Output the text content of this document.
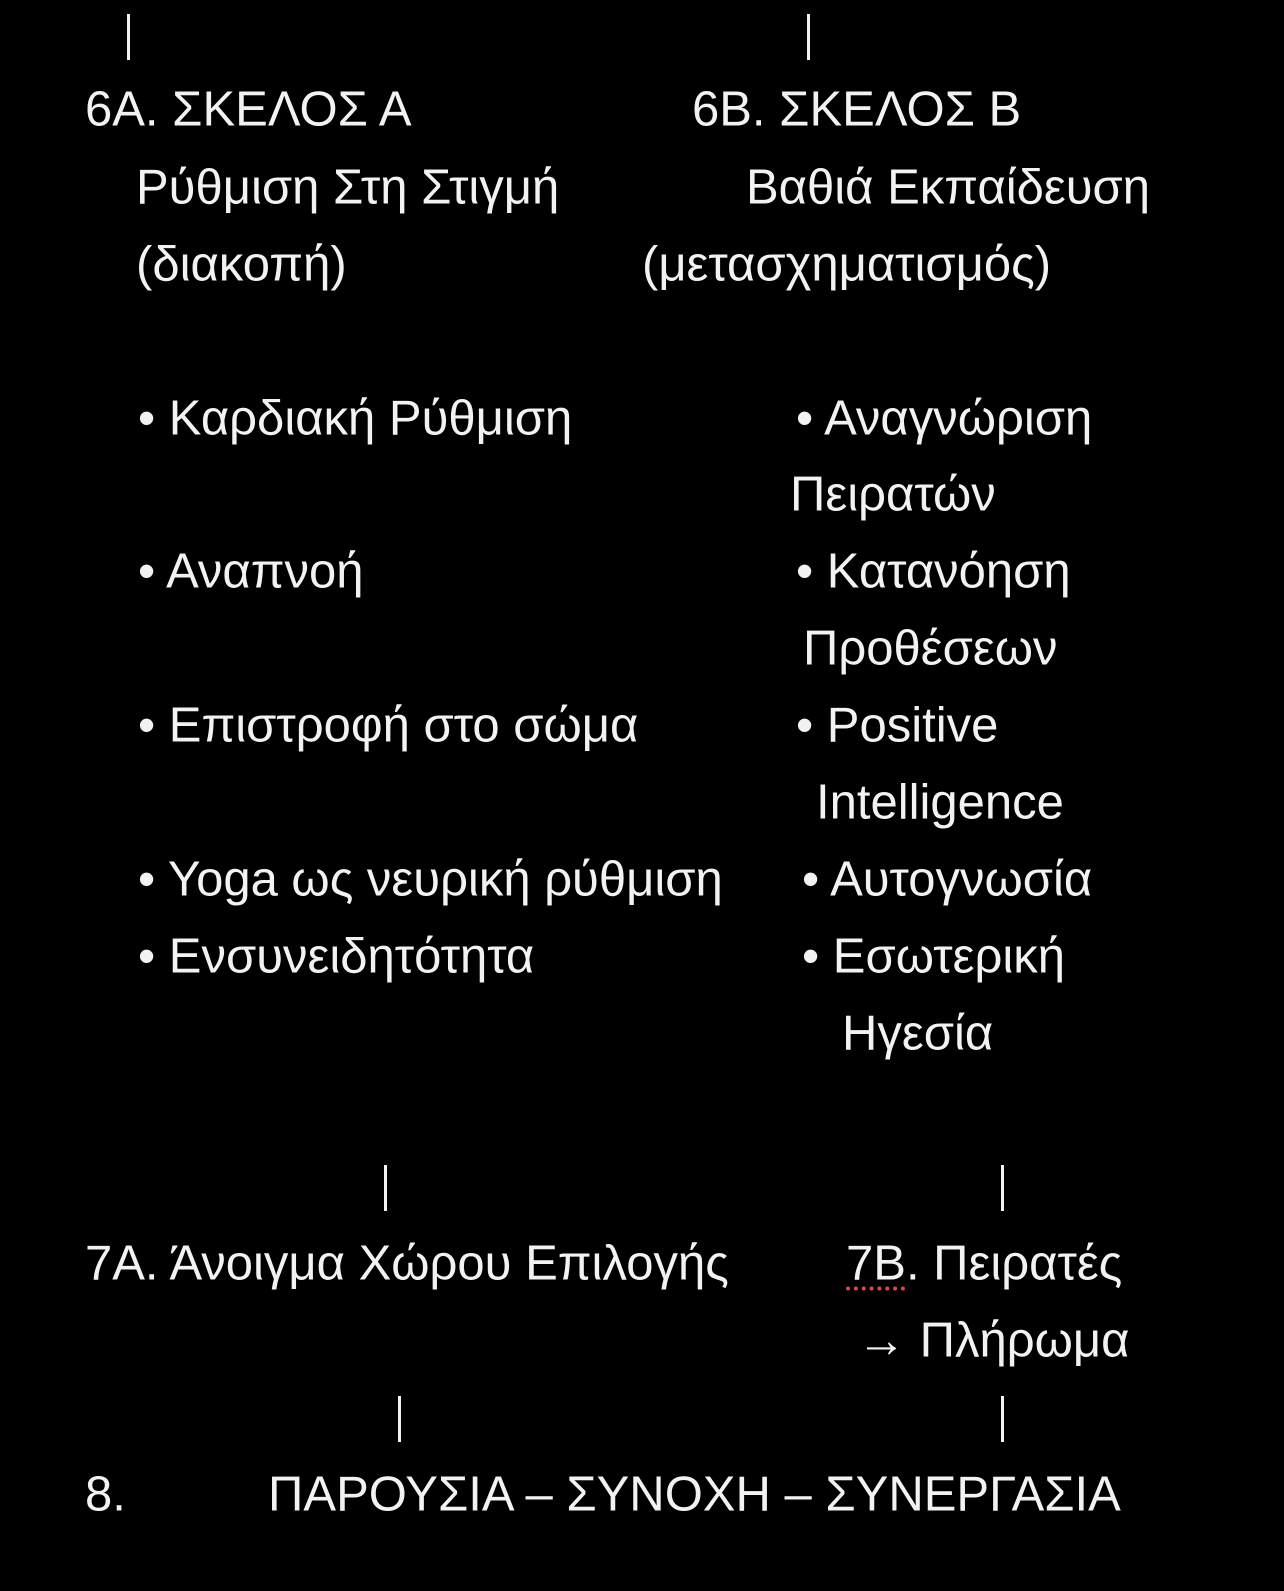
6Α. ΣΚΕΛΟΣ Α
Ρύθμιση Στη Στιγμή
(διακοπή)
6Β. ΣΚΕΛΟΣ Β
Βαθιά Εκπαίδευση
(μετασχηματισμός)
• Καρδιακή Ρύθμιση
• Αναπνοή
• Επιστροφή στο σώμα
• Yoga ως νευρική ρύθμιση
• Ενσυνειδητότητα
• Αναγνώριση
Πειρατών
• Κατανόηση
Προθέσεων
• Positive
Intelligence
• Αυτογνωσία
• Εσωτερική
Ηγεσία
7Α. Άνοιγμα Χώρου Επιλογής 7Β. Πειρατές
→ Πλήρωμα
8.	ΠΑΡΟΥΣΙΑ – ΣΥΝΟΧΗ – ΣΥΝΕΡΓΑΣΙΑ
